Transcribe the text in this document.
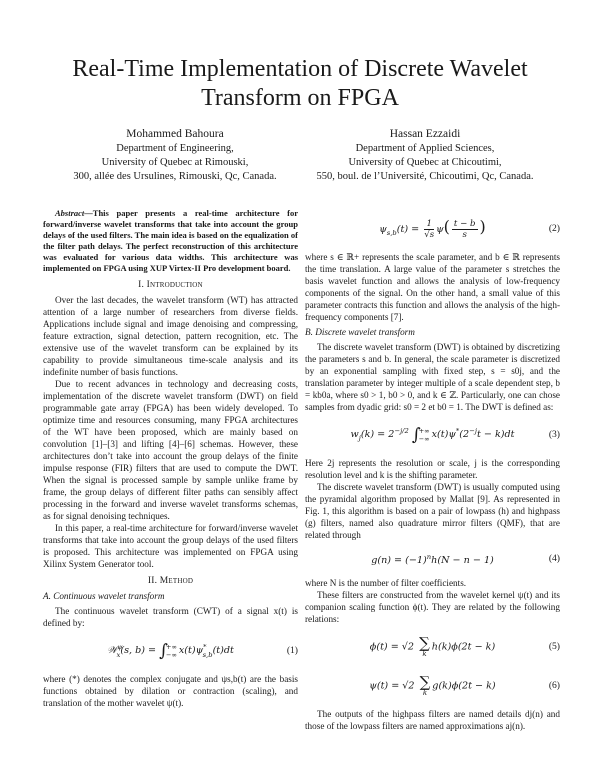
Real-Time Implementation of Discrete Wavelet Transform on FPGA
Mohammed Bahoura
Department of Engineering,
University of Quebec at Rimouski,
300, allée des Ursulines, Rimouski, Qc, Canada.
Hassan Ezzaidi
Department of Applied Sciences,
University of Quebec at Chicoutimi,
550, boul. de l’Université, Chicoutimi, Qc, Canada.

Abstract—This paper presents a real-time architecture for forward/inverse wavelet transforms that take into account the group delays of the used filters. The main idea is based on the equalization of the filter path delays. The perfect reconstruction of this architecture was evaluated for various data widths. This architecture was implemented on FPGA using XUP Virtex-II Pro development board.

I. Introduction

Over the last decades, the wavelet transform (WT) has attracted attention of a large number of researchers from diverse fields. Applications include signal and image denoising and compressing, feature extraction, signal detection, pattern recognition, etc. The extensive use of the wavelet transform can be explained by its capability to provide simultaneous time-scale analysis and its indefinite number of basis functions.

Due to recent advances in technology and decreasing costs, implementation of the discrete wavelet transform (DWT) on field programmable gate array (FPGA) has been widely developed. To optimize time and resources consuming, many FPGA architectures of the WT have been proposed, which are mainly based on convolution [1]–[3] and lifting [4]–[6] schemas. However, these architectures don’t take into account the group delays of the finite impulse response (FIR) filters that are used to compute the DWT. When the signal is processed sample by sample unlike frame by frame, the group delays of different filter paths can sensibly affect processing in the forward and inverse wavelet transforms schemas, as for signal denoising techniques.

In this paper, a real-time architecture for forward/inverse wavelet transforms that take into account the group delays of the used filters is proposed. This architecture was implemented on FPGA using Xilinx System Generator tool.

II. Method
A. Continuous wavelet transform

The continuous wavelet transform (CWT) of a signal x(t) is defined by:

𝒲$^\psi_x$(s, b) = ∫
+∞
−∞ $x(t)\psi^*_{s,b}(t)dt$	(1)

where (*) denotes the complex conjugate and ψs,b(t) are the basis functions obtained by dilation or contraction (scaling), and translation of the mother wavelet ψ(t).

$\psi_{s,b}(t) = \frac{1}{√s} \psi( \frac{t - b}{s}$ )	(2)

where s ∈ ℝ+ represents the scale parameter, and b ∈ ℝ represents the time translation. A large value of the parameter s stretches the basis wavelet function and allows the analysis of low-frequency components of the signal. On the other hand, a small value of this parameter contracts this function and allows the analysis of the high-frequency components [7].

B. Discrete wavelet transform

The discrete wavelet transform (DWT) is obtained by discretizing the parameters s and b. In general, the scale parameter is discretized by an exponential sampling with fixed step, s = s0j, and the translation parameter by integer multiple of a scale dependent step, b = kb0a, where s0 > 1, b0 > 0, and k ∈ ℤ. Particularly, one can chose samples from dyadic grid: s0 = 2 et b0 = 1. The DWT is defined as:

$w_j(k) = 2^{-j/2}$ ∫
+∞
−∞ $x(t)\psi^*(2^{-j}t - k)dt$	(3)

Here 2j represents the resolution or scale, j is the corresponding resolution level and k is the shifting parameter.

The discrete wavelet transform (DWT) is usually computed using the pyramidal algorithm proposed by Mallat [9]. As represented in Fig. 1, this algorithm is based on a pair of lowpass (h) and highpass (g) filters, named also quadrature mirror filters (QMF), that are related through

$g(n) = (-1)^nh(N - n - 1)$	(4)

where N is the number of filter coefficients.

These filters are constructed from the wavelet kernel ψ(t) and its companion scaling function ϕ(t). They are related by the following relations:

ϕ(t) = √2 ∑
k
h(k)ϕ(2t − k)	(5)
ψ(t) = √2 ∑
k
g(k)ϕ(2t − k)	(6)

The outputs of the highpass filters are named details dj(n) and those of the lowpass filters are named approximations aj(n).
